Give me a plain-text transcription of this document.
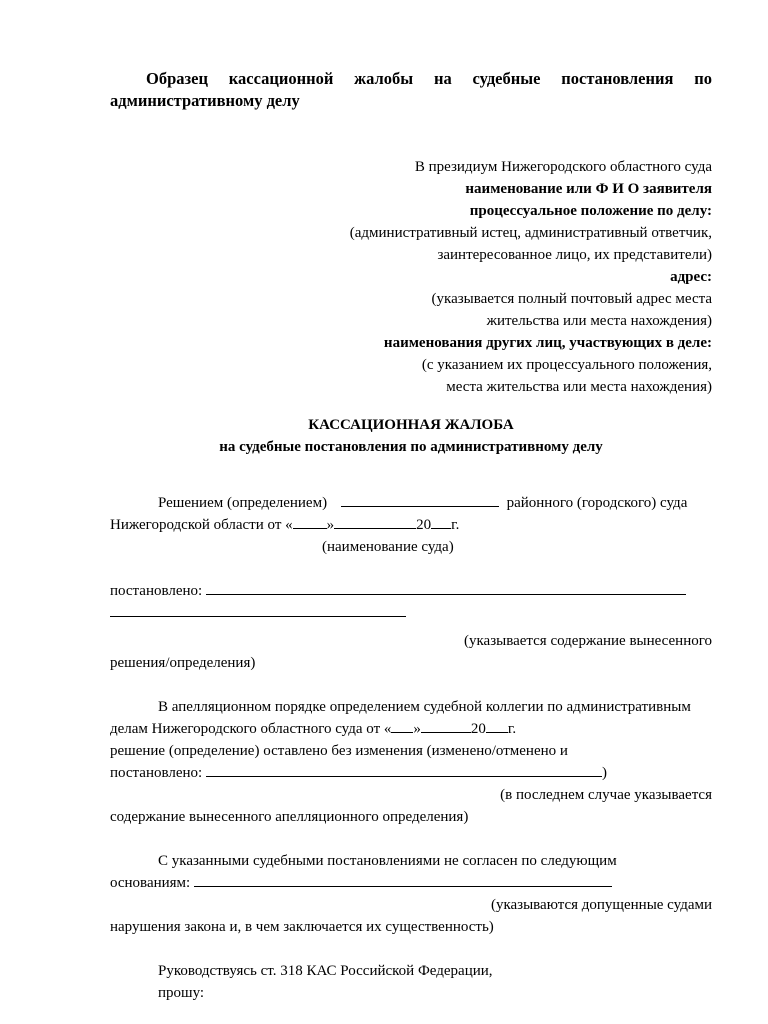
Образец кассационной жалобы на судебные постановления по административному делу

В президиум Нижегородского областного суда
наименование или Ф И О заявителя
процессуальное положение по делу:
(административный истец, административный ответчик,
заинтересованное лицо, их представители)
адрес:
(указывается полный почтовый адрес места
жительства или места нахождения)
наименования других лиц, участвующих в деле:
(с указанием их процессуального положения,
места жительства или места нахождения)
КАССАЦИОННАЯ ЖАЛОБА
на судебные постановления по административному делу

Решением (определением)	районного (городского) суда

Нижегородской области от « »	20 г.

(наименование суда)

постановлено:

(указывается содержание вынесенного

решения/определения)

В апелляционном порядке определением судебной коллегии по административным

делам Нижегородского областного суда от « »	20 г.

решение (определение) оставлено без изменения (изменено/отменено и

постановлено:	)

(в последнем случае указывается

содержание вынесенного апелляционного определения)

С указанными судебными постановлениями не согласен по следующим

основаниям:

(указываются допущенные судами

нарушения закона и, в чем заключается их существенность)

Руководствуясь ст. 318 КАС Российской Федерации,

прошу:
